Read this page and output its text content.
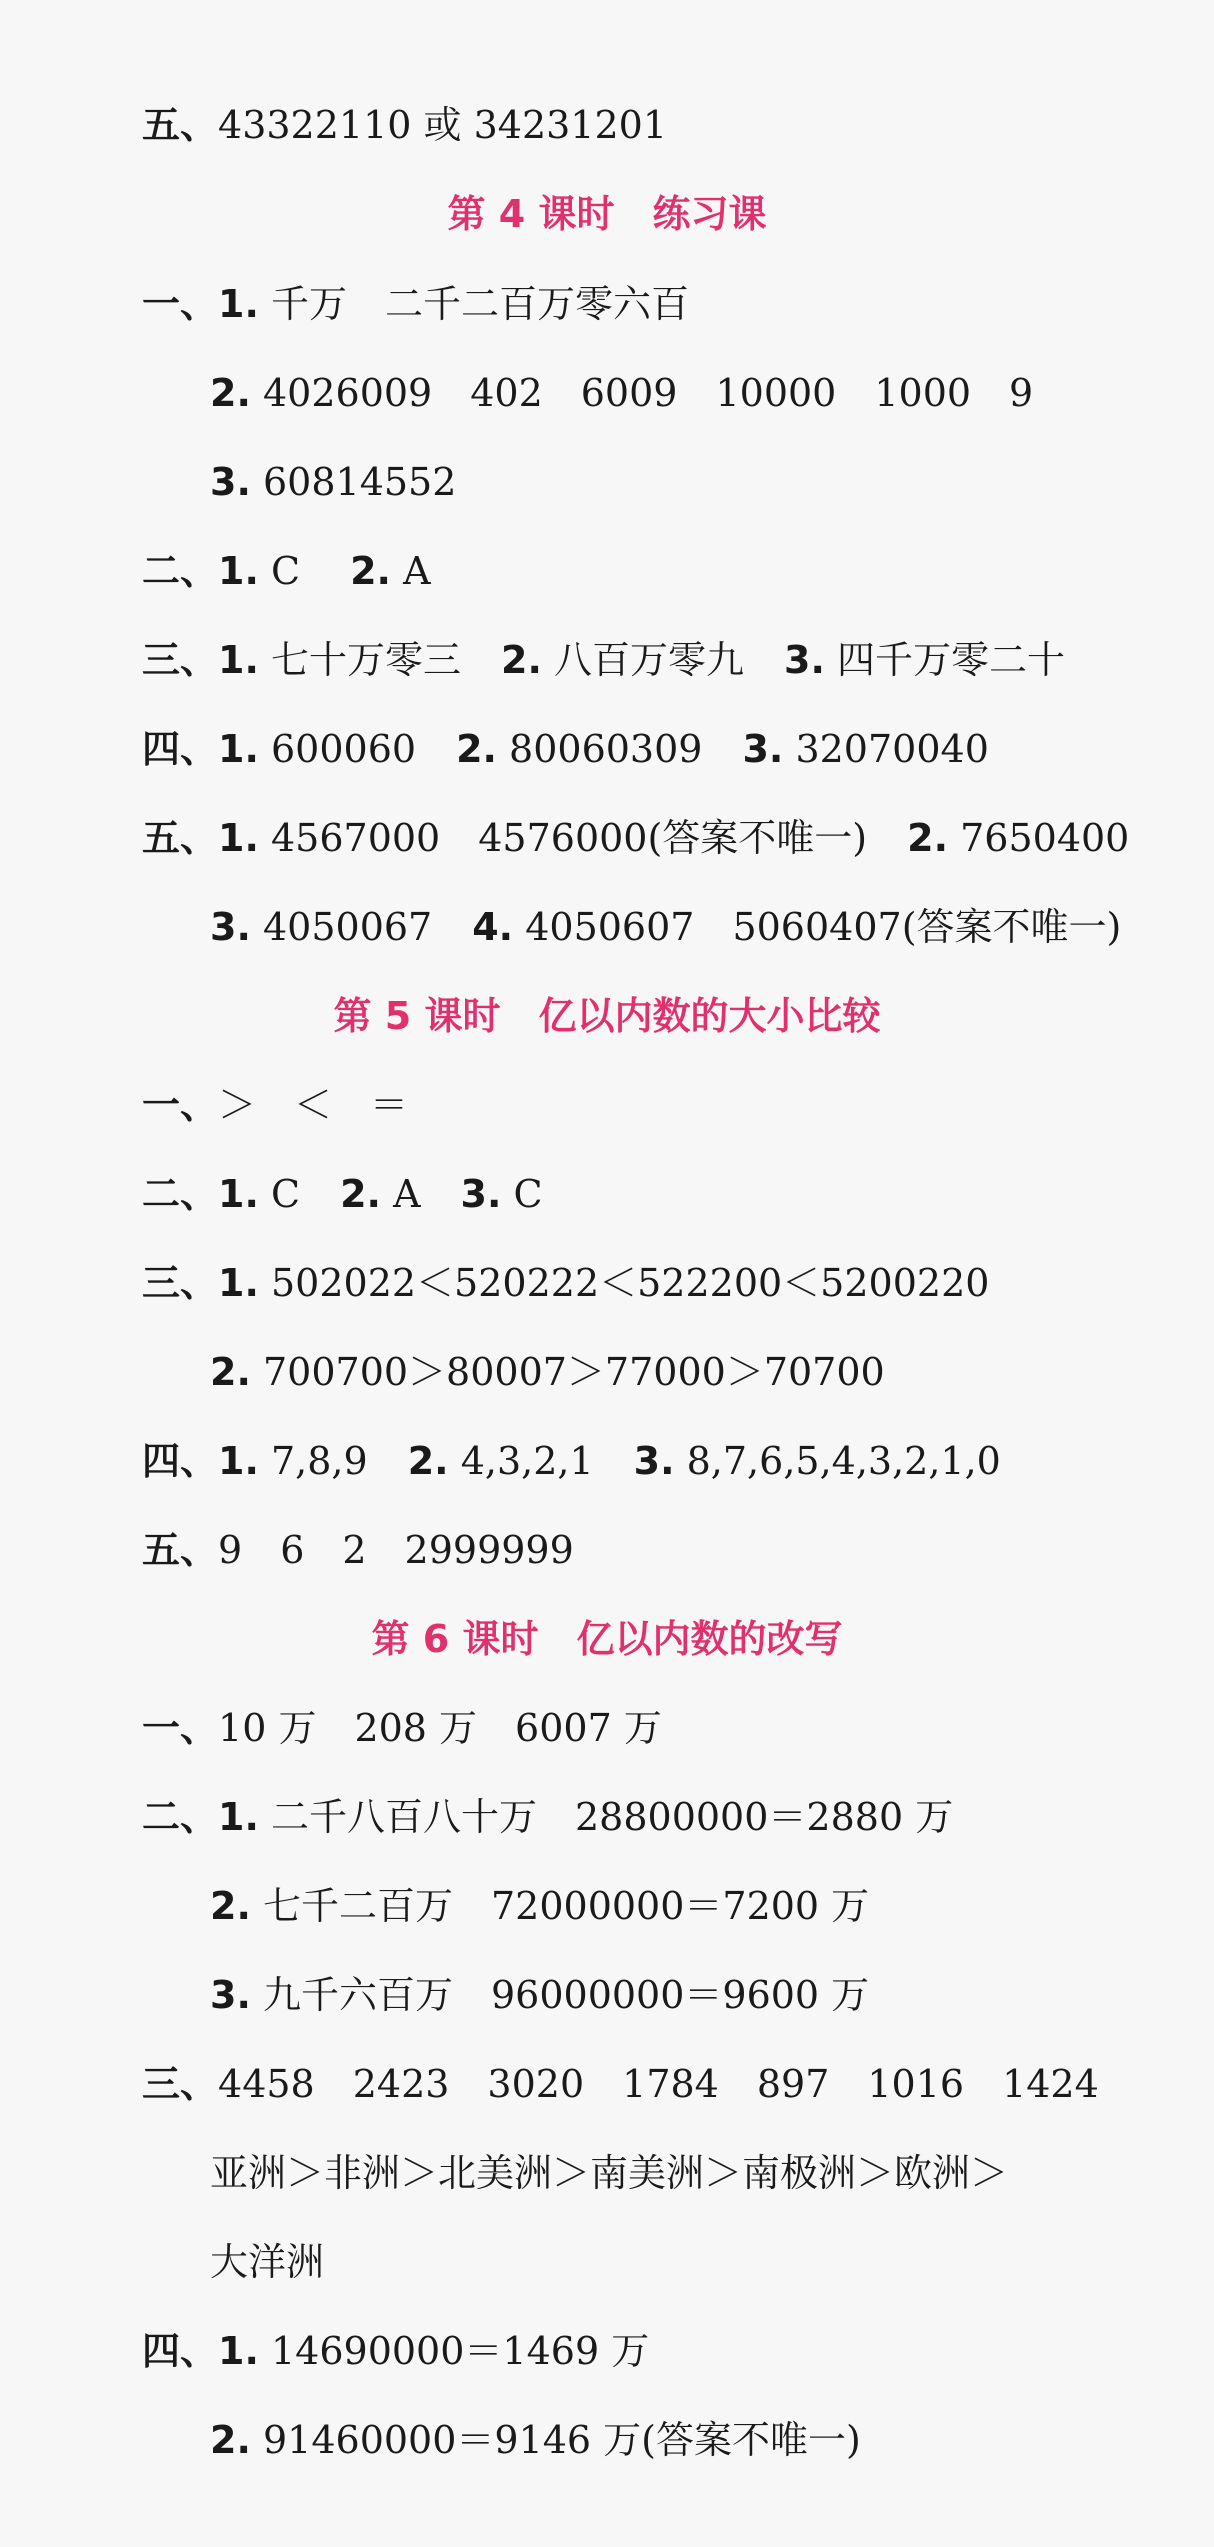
五、43322110 或 34231201
第 4 课时　练习课
一、1. 千万　二千二百万零六百
2. 4026009　402　6009　10000　1000　9
3. 60814552
二、1. C 2. A
三、1. 七十万零三 2. 八百万零九 3. 四千万零二十
四、1. 600060 2. 80060309 3. 32070040
五、1. 4567000　4576000(答案不唯一) 2. 7650400
3. 4050067 4. 4050607　5060407(答案不唯一)
第 5 课时　亿以内数的大小比较
一、＞　＜　＝
二、1. C 2. A 3. C
三、1. 502022＜520222＜522200＜5200220
2. 700700＞80007＞77000＞70700
四、1. 7,8,9 2. 4,3,2,1 3. 8,7,6,5,4,3,2,1,0
五、9　6　2　2999999
第 6 课时　亿以内数的改写
一、10 万　208 万　6007 万
二、1. 二千八百八十万　28800000＝2880 万
2. 七千二百万　72000000＝7200 万
3. 九千六百万　96000000＝9600 万
三、4458　2423　3020　1784　897　1016　1424
亚洲＞非洲＞北美洲＞南美洲＞南极洲＞欧洲＞
大洋洲
四、1. 14690000＝1469 万
2. 91460000＝9146 万(答案不唯一)
